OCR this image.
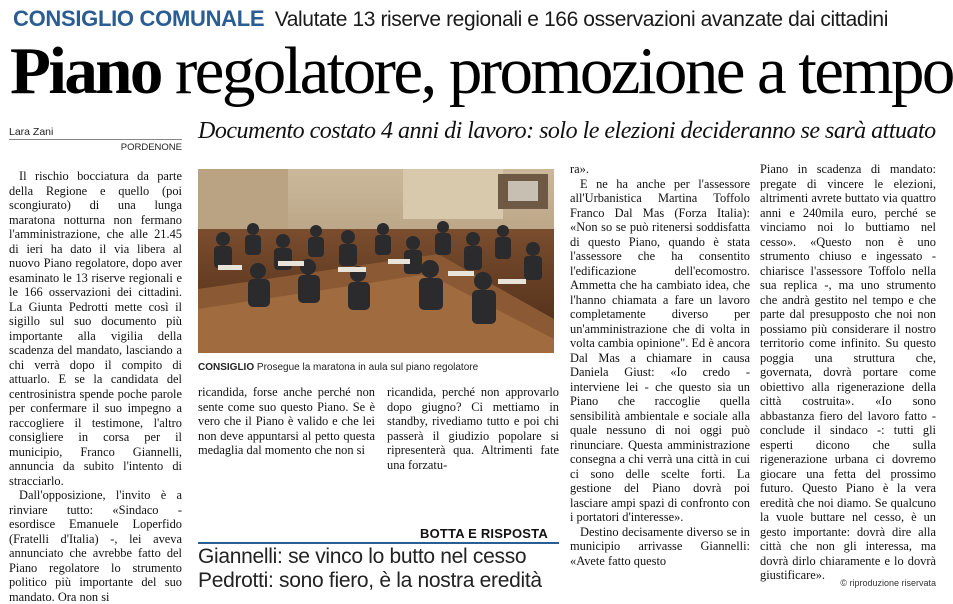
CONSIGLIO COMUNALE Valutate 13 riserve regionali e 166 osservazioni avanzate dai cittadini
Piano regolatore, promozione a tempo
Lara Zani
PORDENONE
Documento costato 4 anni di lavoro: solo le elezioni decideranno se sarà attuato

Il rischio bocciatura da parte della Regione e quello (poi scongiurato) di una lunga maratona notturna non fermano l'amministrazione, che alle 21.45 di ieri ha dato il via libera al nuovo Piano regolatore, dopo aver esaminato le 13 riserve regionali e le 166 osservazioni dei cittadini. La Giunta Pedrotti mette così il sigillo sul suo documento più importante alla vigilia della scadenza del mandato, lasciando a chi verrà dopo il compito di attuarlo. E se la candidata del centrosinistra spende poche parole per confermare il suo impegno a raccogliere il testimone, l'altro consigliere in corsa per il municipio, Franco Giannelli, annuncia da subito l'intento di stracciarlo.

Dall'opposizione, l'invito è a rinviare tutto: «Sindaco - esordisce Emanuele Loperfido (Fratelli d'Italia) -, lei aveva annunciato che avrebbe fatto del Piano regolatore lo strumento politico più importante del suo mandato. Ora non si

CONSIGLIO Prosegue la maratona in aula sul piano regolatore

ricandida, forse anche perché non sente come suo questo Piano. Se è vero che il Piano è valido e che lei non deve appuntarsi al petto questa medaglia dal momento che non si

ricandida, perché non approvarlo dopo giugno? Ci mettiamo in standby, rivediamo tutto e poi chi passerà il giudizio popolare si ripresenterà qua. Altrimenti fate una forzatu-

ra».

E ne ha anche per l'assessore all'Urbanistica Martina Toffolo Franco Dal Mas (Forza Italia): «Non so se può ritenersi soddisfatta di questo Piano, quando è stata l'assessore che ha consentito l'edificazione dell'ecomostro. Ammetta che ha cambiato idea, che l'hanno chiamata a fare un lavoro completamente diverso per un'amministrazione che di volta in volta cambia opinione". Ed è ancora Dal Mas a chiamare in causa Daniela Giust: «Io credo - interviene lei - che questo sia un Piano che raccoglie quella sensibilità ambientale e sociale alla quale nessuno di noi oggi può rinunciare. Questa amministrazione consegna a chi verrà una città in cui ci sono delle scelte forti. La gestione del Piano dovrà poi lasciare ampi spazi di confronto con i portatori d'interesse».

Destino decisamente diverso se in municipio arrivasse Giannelli: «Avete fatto questo

Piano in scadenza di mandato: pregate di vincere le elezioni, altrimenti avrete buttato via quattro anni e 240mila euro, perché se vinciamo noi lo buttiamo nel cesso». «Questo non è uno strumento chiuso e ingessato - chiarisce l'assessore Toffolo nella sua replica -, ma uno strumento che andrà gestito nel tempo e che parte dal presupposto che noi non possiamo più considerare il nostro territorio come infinito. Su questo poggia una struttura che, governata, dovrà portare come obiettivo alla rigenerazione della città costruita». «Io sono abbastanza fiero del lavoro fatto - conclude il sindaco -: tutti gli esperti dicono che sulla rigenerazione urbana ci dovremo giocare una fetta del prossimo futuro. Questo Piano è la vera eredità che noi diamo. Se qualcuno la vuole buttare nel cesso, è un gesto importante: dovrà dire alla città che non gli interessa, ma dovrà dirlo chiaramente e lo dovrà giustificare».

BOTTA E RISPOSTA
Giannelli: se vinco lo butto nel cesso
Pedrotti: sono fiero, è la nostra eredità	© riproduzione riservata
